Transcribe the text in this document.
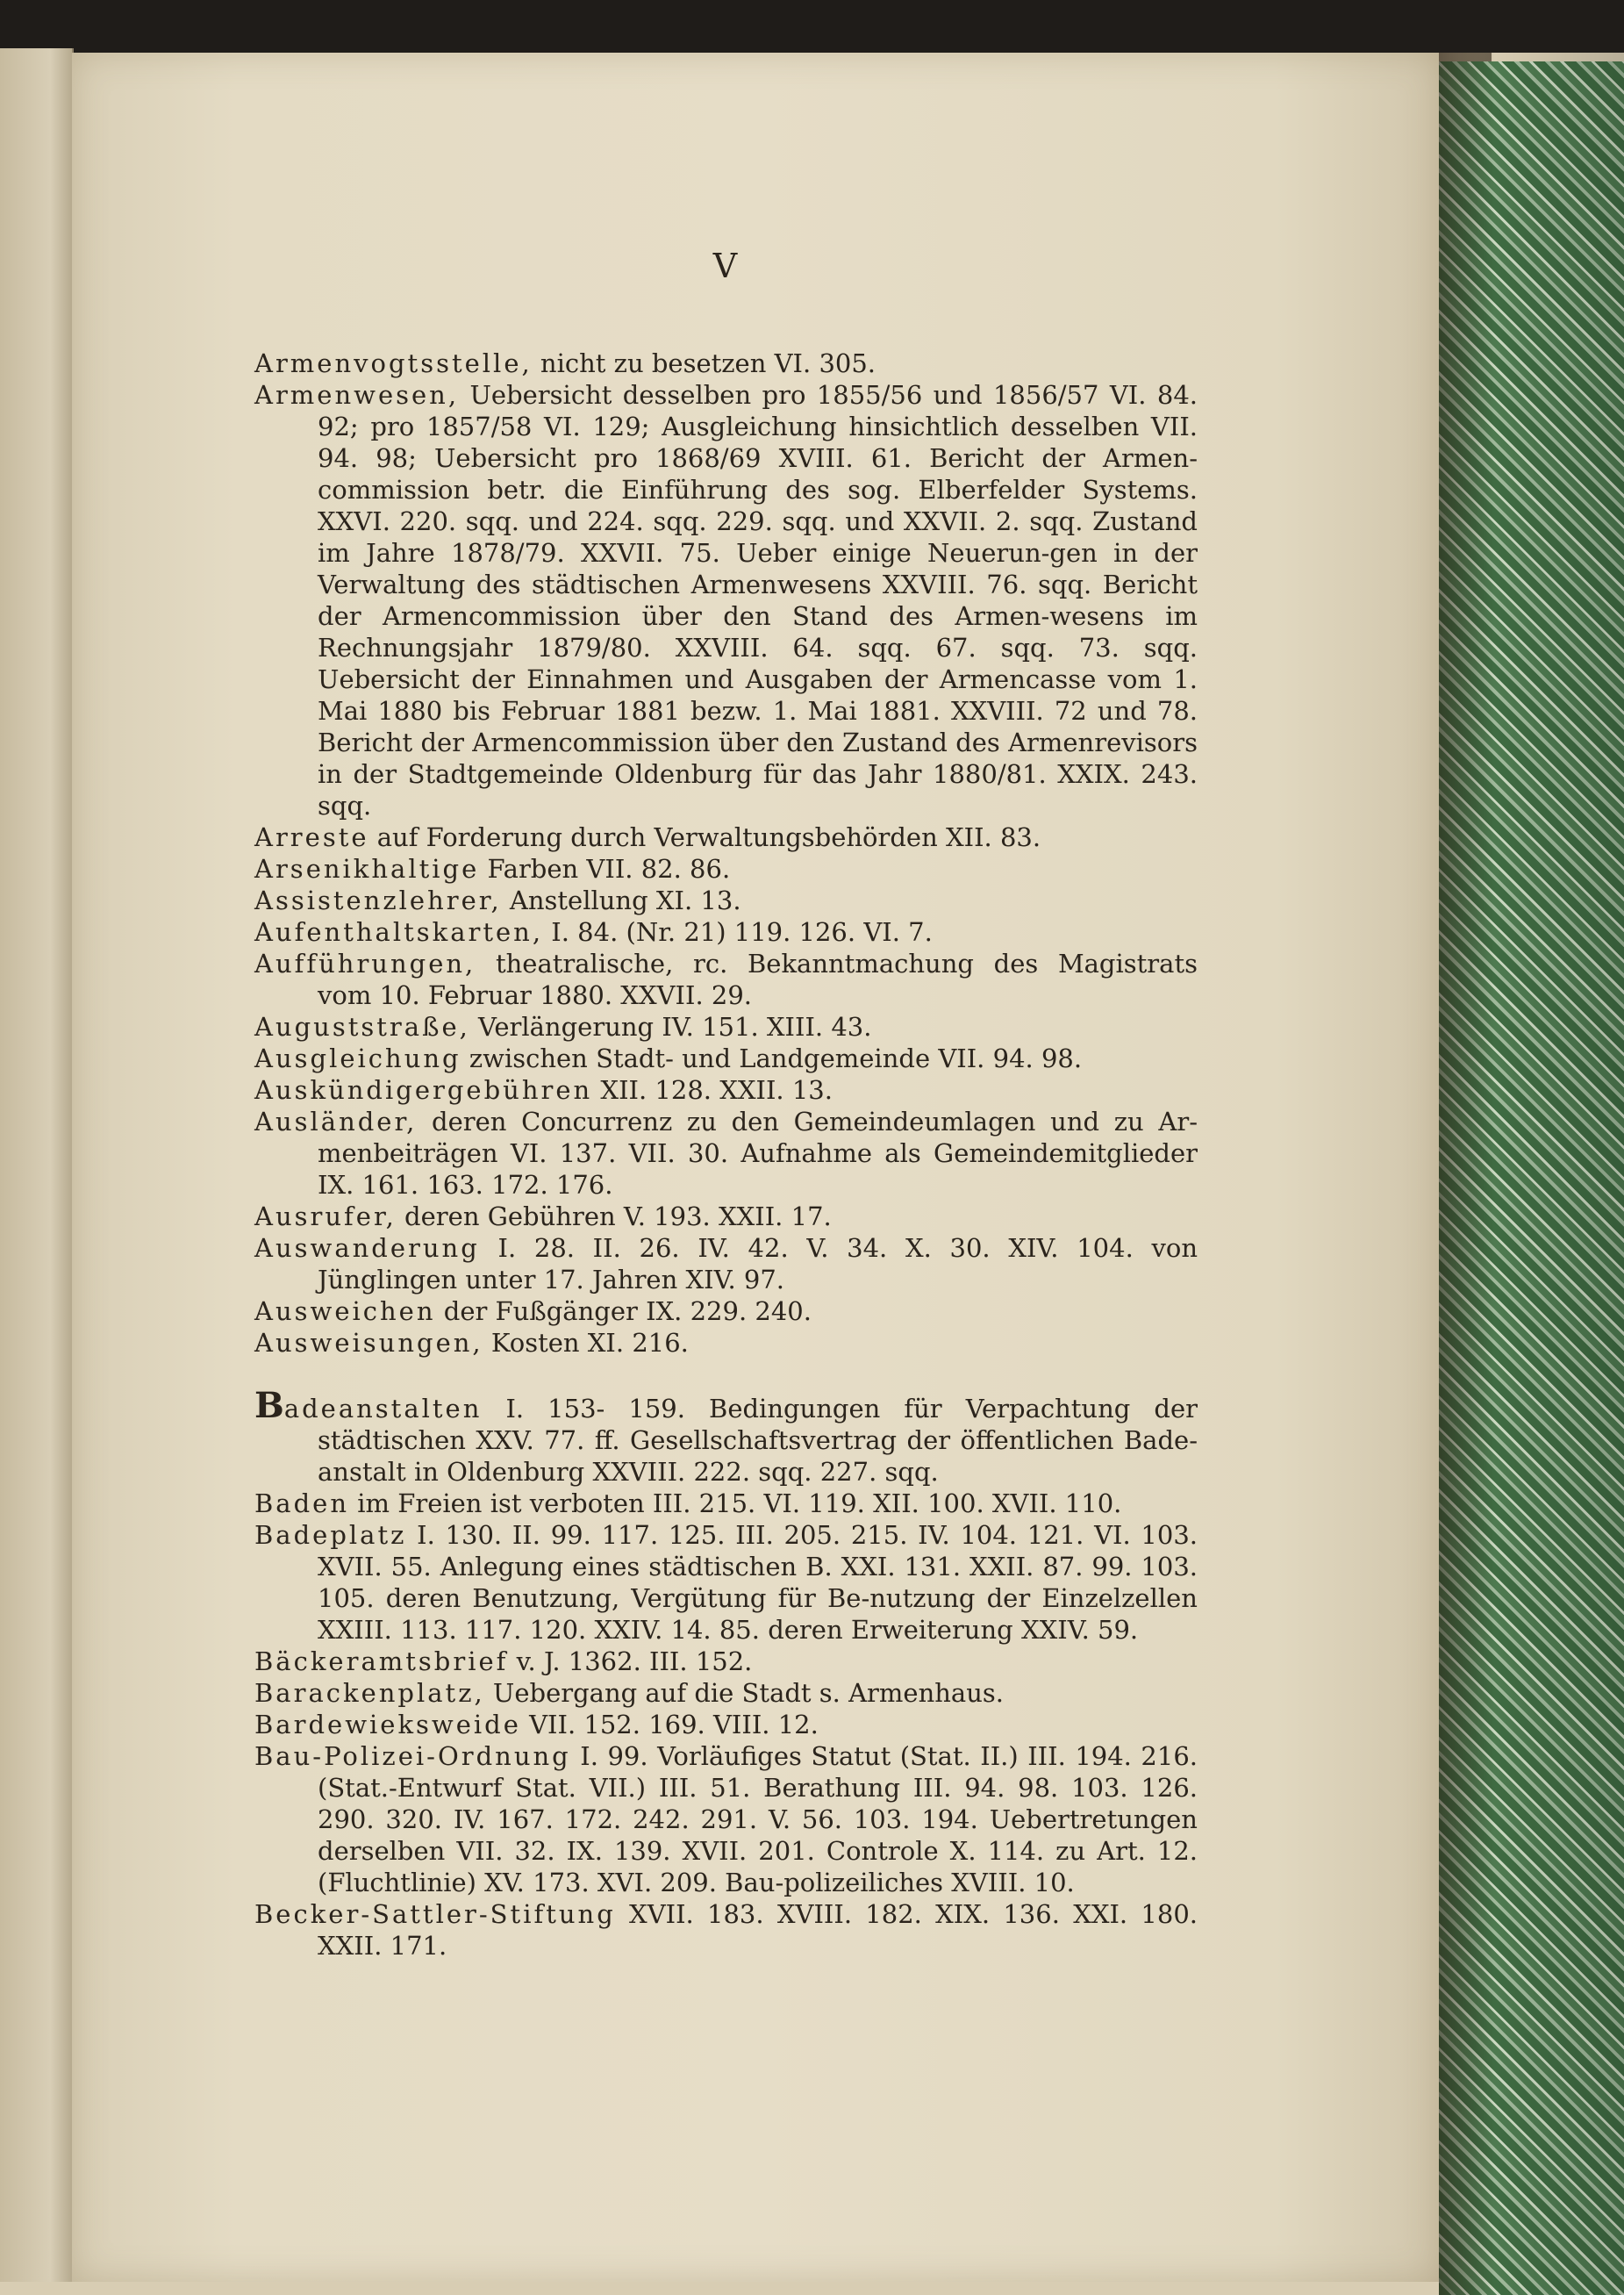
V

Armenvogtsstelle, nicht zu besetzen VI. 305.

Armenwesen, Uebersicht desselben pro 1855/56 und 1856/57 VI. 84. 92; pro 1857/58 VI. 129; Ausgleichung hinsichtlich desselben VII. 94. 98; Uebersicht pro 1868/69 XVIII. 61. Bericht der Armen-commission betr. die Einführung des sog. Elberfelder Systems. XXVI. 220. sqq. und 224. sqq. 229. sqq. und XXVII. 2. sqq. Zustand im Jahre 1878/79. XXVII. 75. Ueber einige Neuerun-gen in der Verwaltung des städtischen Armenwesens XXVIII. 76. sqq. Bericht der Armencommission über den Stand des Armen-wesens im Rechnungsjahr 1879/80. XXVIII. 64. sqq. 67. sqq. 73. sqq. Uebersicht der Einnahmen und Ausgaben der Armencasse vom 1. Mai 1880 bis Februar 1881 bezw. 1. Mai 1881. XXVIII. 72 und 78. Bericht der Armencommission über den Zustand des Armenrevisors in der Stadtgemeinde Oldenburg für das Jahr 1880/81. XXIX. 243. sqq.

Arreste auf Forderung durch Verwaltungsbehörden XII. 83.

Arsenikhaltige Farben VII. 82. 86.

Assistenzlehrer, Anstellung XI. 13.

Aufenthaltskarten, I. 84. (Nr. 21) 119. 126. VI. 7.

Aufführungen, theatralische, rc. Bekanntmachung des Magistrats vom 10. Februar 1880. XXVII. 29.

Auguststraße, Verlängerung IV. 151. XIII. 43.

Ausgleichung zwischen Stadt- und Landgemeinde VII. 94. 98.

Auskündigergebühren XII. 128. XXII. 13.

Ausländer, deren Concurrenz zu den Gemeindeumlagen und zu Ar-menbeiträgen VI. 137. VII. 30. Aufnahme als Gemeindemitglieder IX. 161. 163. 172. 176.

Ausrufer, deren Gebühren V. 193. XXII. 17.

Auswanderung I. 28. II. 26. IV. 42. V. 34. X. 30. XIV. 104. von Jünglingen unter 17. Jahren XIV. 97.

Ausweichen der Fußgänger IX. 229. 240.

Ausweisungen, Kosten XI. 216.

Badeanstalten I. 153- 159. Bedingungen für Verpachtung der städtischen XXV. 77. ff. Gesellschaftsvertrag der öffentlichen Bade-anstalt in Oldenburg XXVIII. 222. sqq. 227. sqq.

Baden im Freien ist verboten III. 215. VI. 119. XII. 100. XVII. 110.

Badeplatz I. 130. II. 99. 117. 125. III. 205. 215. IV. 104. 121. VI. 103. XVII. 55. Anlegung eines städtischen B. XXI. 131. XXII. 87. 99. 103. 105. deren Benutzung, Vergütung für Be-nutzung der Einzelzellen XXIII. 113. 117. 120. XXIV. 14. 85. deren Erweiterung XXIV. 59.

Bäckeramtsbrief v. J. 1362. III. 152.

Barackenplatz, Uebergang auf die Stadt s. Armenhaus.

Bardewieksweide VII. 152. 169. VIII. 12.

Bau-Polizei-Ordnung I. 99. Vorläufiges Statut (Stat. II.) III. 194. 216. (Stat.-Entwurf Stat. VII.) III. 51. Berathung III. 94. 98. 103. 126. 290. 320. IV. 167. 172. 242. 291. V. 56. 103. 194. Uebertretungen derselben VII. 32. IX. 139. XVII. 201. Controle X. 114. zu Art. 12. (Fluchtlinie) XV. 173. XVI. 209. Bau-polizeiliches XVIII. 10.

Becker-Sattler-Stiftung XVII. 183. XVIII. 182. XIX. 136. XXI. 180. XXII. 171.
